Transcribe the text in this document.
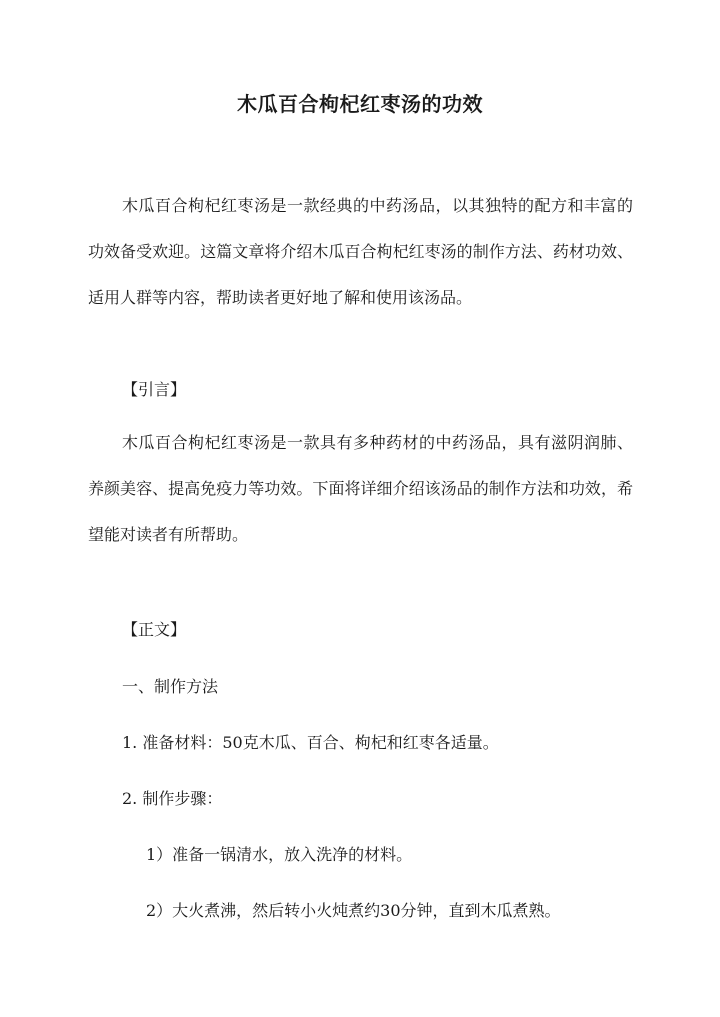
木瓜百合枸杞红枣汤的功效

木瓜百合枸杞红枣汤是一款经典的中药汤品，以其独特的配方和丰富的功效备受欢迎。这篇文章将介绍木瓜百合枸杞红枣汤的制作方法、药材功效、适用人群等内容，帮助读者更好地了解和使用该汤品。

【引言】

木瓜百合枸杞红枣汤是一款具有多种药材的中药汤品，具有滋阴润肺、养颜美容、提高免疫力等功效。下面将详细介绍该汤品的制作方法和功效，希望能对读者有所帮助。

【正文】

一、制作方法

1. 准备材料：50克木瓜、百合、枸杞和红枣各适量。

2. 制作步骤：

1）准备一锅清水，放入洗净的材料。

2）大火煮沸，然后转小火炖煮约30分钟，直到木瓜煮熟。
